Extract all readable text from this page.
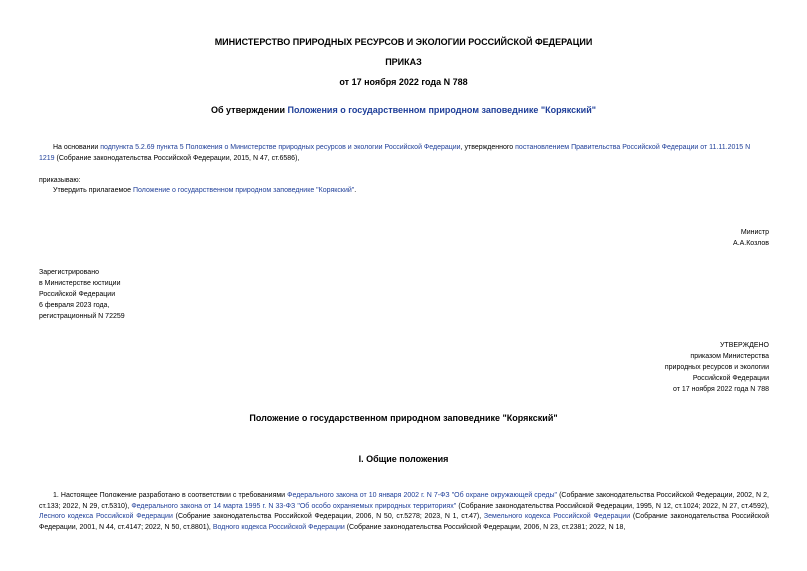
МИНИСТЕРСТВО ПРИРОДНЫХ РЕСУРСОВ И ЭКОЛОГИИ РОССИЙСКОЙ ФЕДЕРАЦИИ
ПРИКАЗ
от 17 ноября 2022 года N 788
Об утверждении Положения о государственном природном заповеднике "Корякский"
На основании подпункта 5.2.69 пункта 5 Положения о Министерстве природных ресурсов и экологии Российской Федерации, утвержденного постановлением Правительства Российской Федерации от 11.11.2015 N
1219 (Собрание законодательства Российской Федерации, 2015, N 47, ст.6586),
приказываю:
Утвердить прилагаемое Положение о государственном природном заповеднике "Корякский".
Министр
А.А.Козлов
Зарегистрировано
в Министерстве юстиции
Российской Федерации
6 февраля 2023 года,
регистрационный N 72259
УТВЕРЖДЕНО
приказом Министерства
природных ресурсов и экологии
Российской Федерации
от 17 ноября 2022 года N 788
Положение о государственном природном заповеднике "Корякский"
I. Общие положения
1. Настоящее Положение разработано в соответствии с требованиями Федерального закона от 10 января 2002 г. N 7-ФЗ "Об охране окружающей среды" (Собрание законодательства Российской Федерации, 2002, N 2, ст.133; 2022, N 29, ст.5310), Федерального закона от 14 марта 1995 г. N 33-ФЗ "Об особо охраняемых природных территориях" (Собрание законодательства Российской Федерации, 1995, N 12, ст.1024; 2022, N 27, ст.4592), Лесного кодекса Российской Федерации (Собрание законодательства Российской Федерации, 2006, N 50, ст.5278; 2023, N 1, ст.47), Земельного кодекса Российской Федерации (Собрание законодательства Российской Федерации, 2001, N 44, ст.4147; 2022, N 50, ст.8801), Водного кодекса Российской Федерации (Собрание законодательства Российской Федерации, 2006, N 23, ст.2381; 2022, N 18,
